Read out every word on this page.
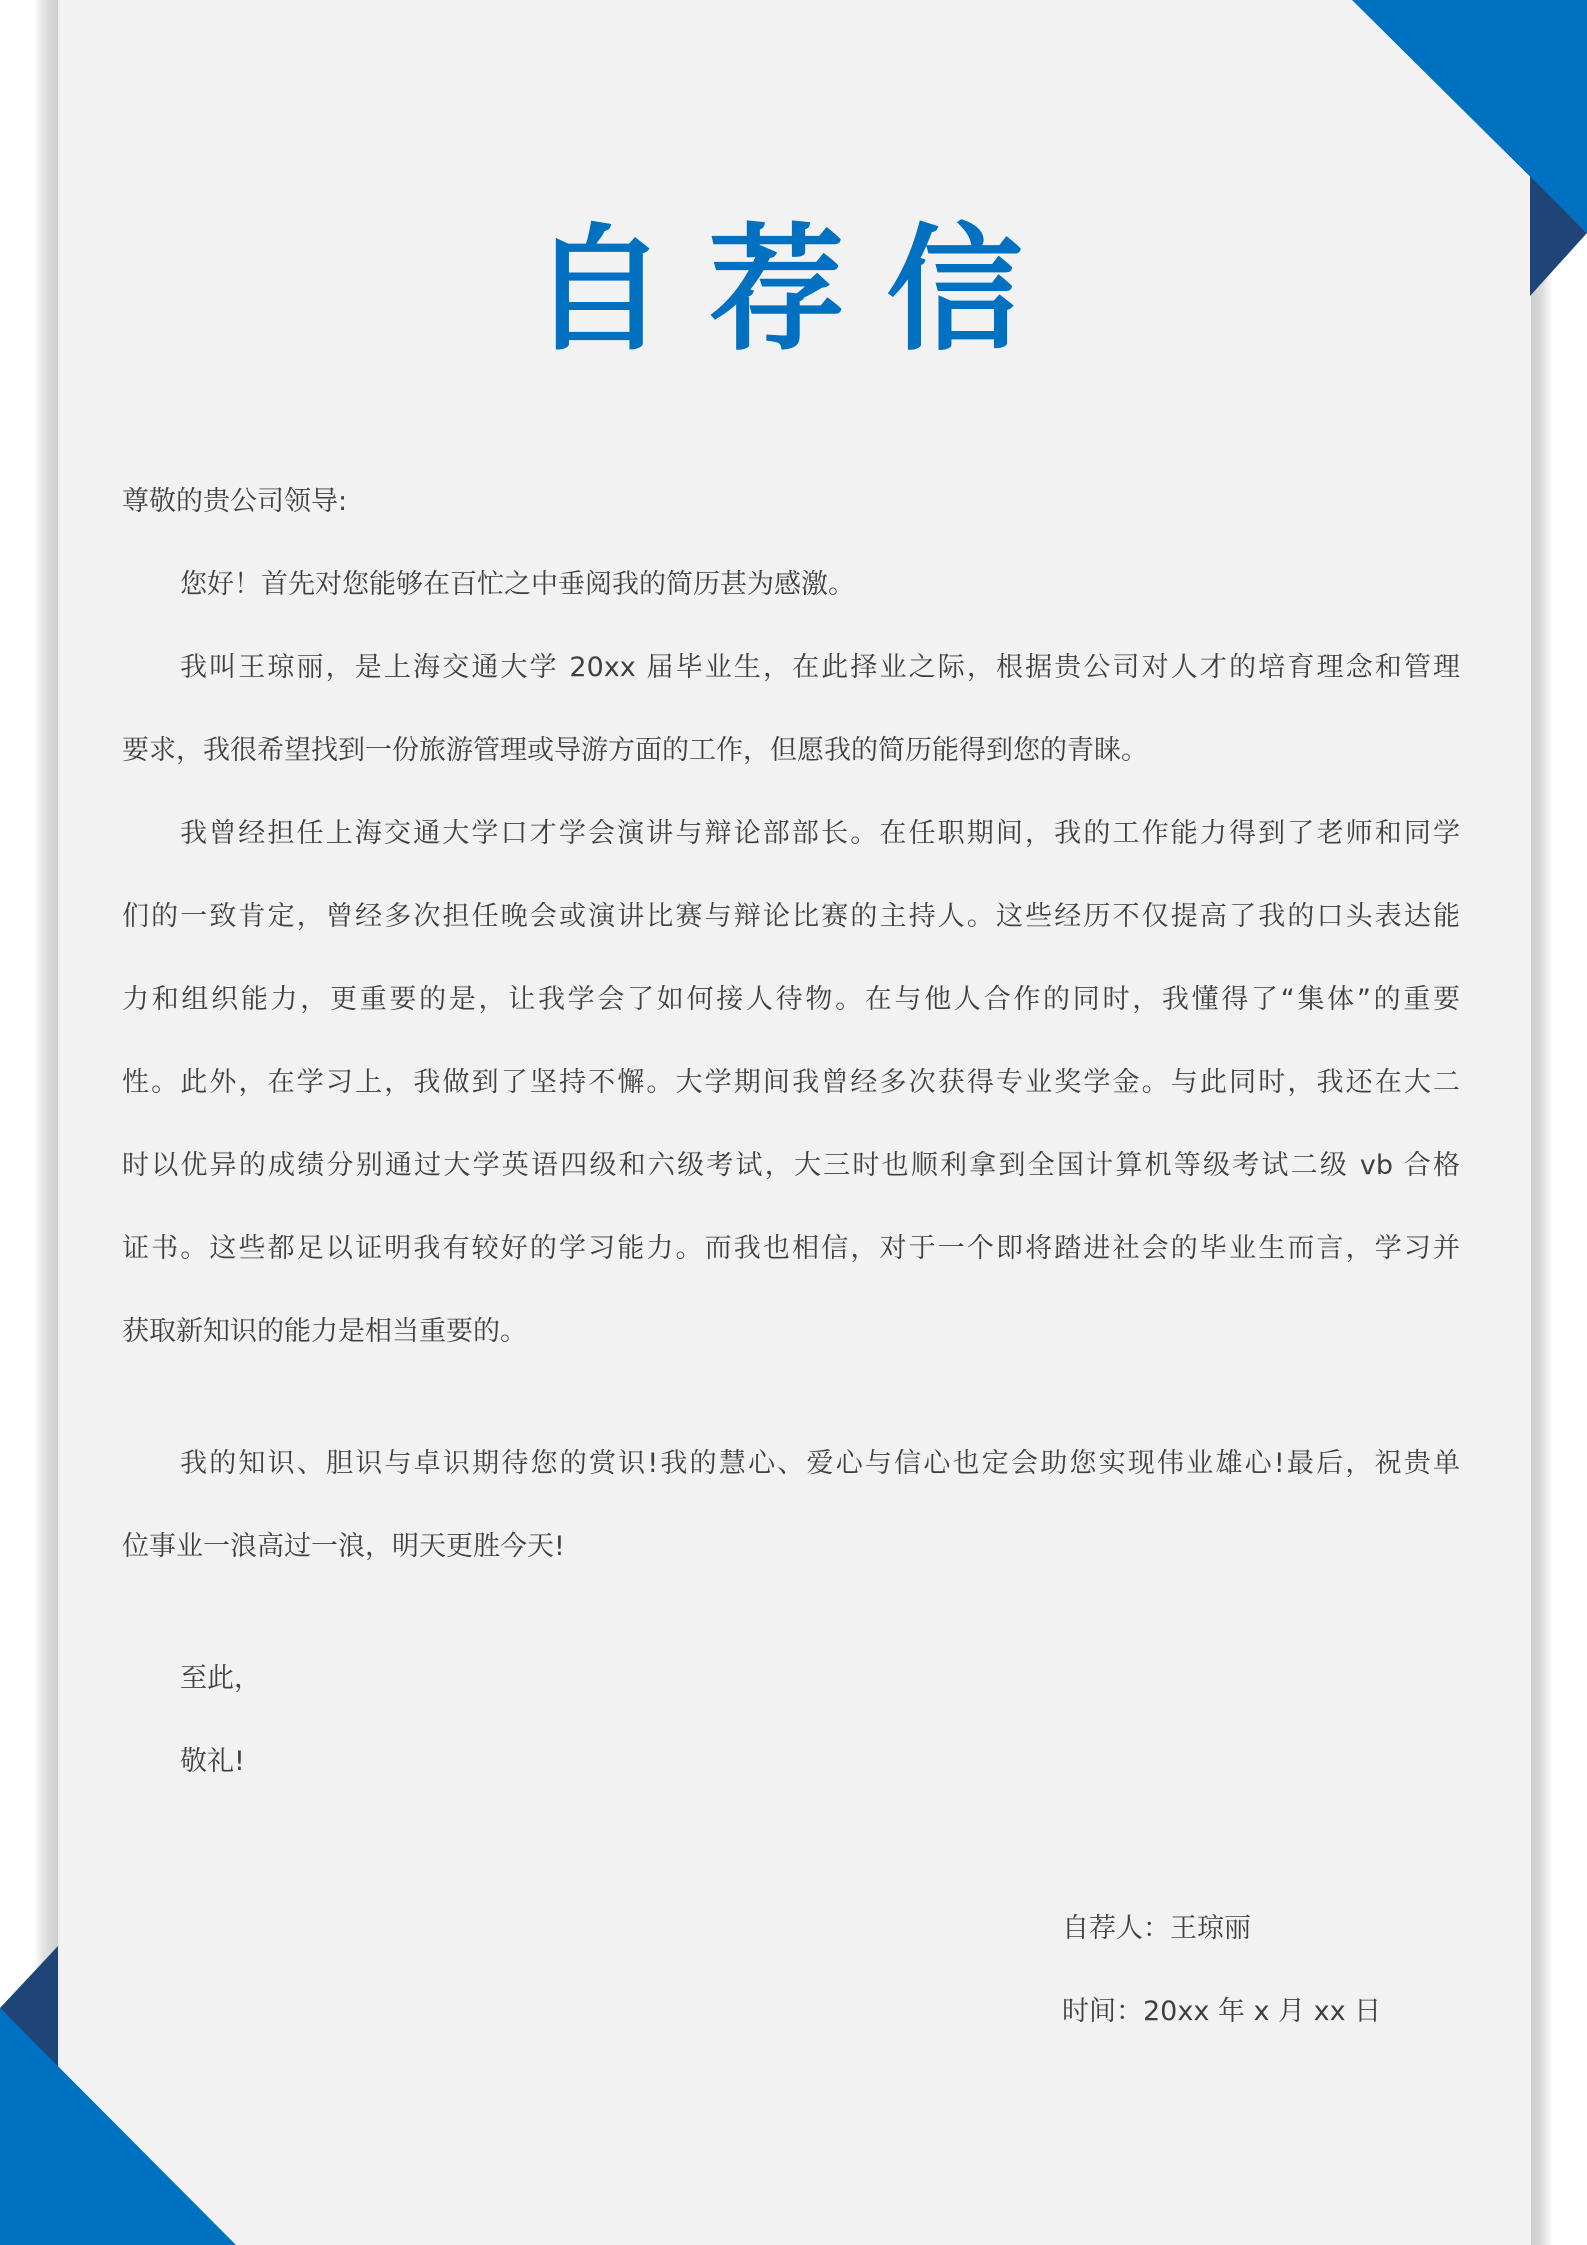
自荐信
尊敬的贵公司领导:
您好！首先对您能够在百忙之中垂阅我的简历甚为感激。
我叫王琼丽，是上海交通大学 20xx 届毕业生，在此择业之际，根据贵公司对人才的培育理念和管理
要求，我很希望找到一份旅游管理或导游方面的工作，但愿我的简历能得到您的青睐。
我曾经担任上海交通大学口才学会演讲与辩论部部长。在任职期间，我的工作能力得到了老师和同学
们的一致肯定，曾经多次担任晚会或演讲比赛与辩论比赛的主持人。这些经历不仅提高了我的口头表达能
力和组织能力，更重要的是，让我学会了如何接人待物。在与他人合作的同时，我懂得了“集体”的重要
性。此外，在学习上，我做到了坚持不懈。大学期间我曾经多次获得专业奖学金。与此同时，我还在大二
时以优异的成绩分别通过大学英语四级和六级考试，大三时也顺利拿到全国计算机等级考试二级 vb 合格
证书。这些都足以证明我有较好的学习能力。而我也相信，对于一个即将踏进社会的毕业生而言，学习并
获取新知识的能力是相当重要的。
我的知识、胆识与卓识期待您的赏识!我的慧心、爱心与信心也定会助您实现伟业雄心!最后，祝贵单
位事业一浪高过一浪，明天更胜今天!
至此，
敬礼!
自荐人：王琼丽
时间：20xx 年 x 月 xx 日
